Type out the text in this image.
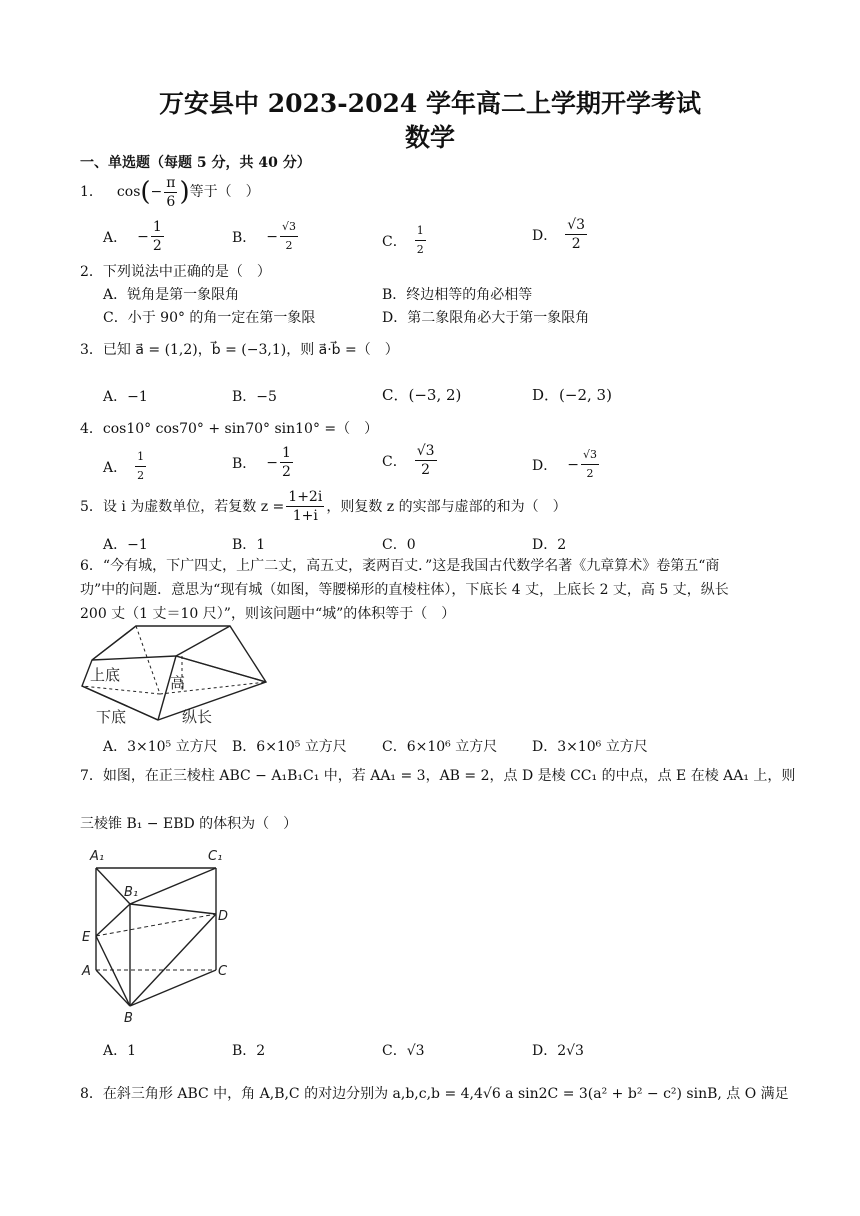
万安县中 2023-2024 学年高二上学期开学考试
数学
一、单选题（每题 5 分，共 40 分）
1． cos ( − $\frac{\pi}{6}$ ) 等于（　）
A． − $\frac{1}{2}$	B． − $\frac{√3}{2}$	C． $\frac{1}{2}$	D． $\frac{√3}{2}$
2．下列说法中正确的是（　）
A．锐角是第一象限角	B．终边相等的角必相等
C．小于 90° 的角一定在第一象限	D．第二象限角必大于第一象限角
3．已知 a⃗ = (1,2)，b⃗ = (−3,1)，则 a⃗·b⃗ =（　）
A．−1	B．−5	C．(−3, 2)	D．(−2, 3)
4．cos10° cos70° + sin70° sin10° =（　）
A． $\frac{1}{2}$	B． − $\frac{1}{2}$	C． $\frac{√3}{2}$	D． − $\frac{√3}{2}$
5．设 i 为虚数单位，若复数 $z = \frac{1+2i}{1+i}$ ，则复数 z 的实部与虚部的和为（　）
A．−1	B．1	C．0	D．2
6．“今有城，下广四丈，上广二丈，高五丈，袤两百丈．”这是我国古代数学名著《九章算术》卷第五“商
功”中的问题．意思为“现有城（如图，等腰梯形的直棱柱体），下底长 4 丈，上底长 2 丈，高 5 丈，纵长
200 丈（1 丈＝10 尺）”，则该问题中“城”的体积等于（　）
上底	高
下底	纵长
A．3×10⁵ 立方尺 B．6×10⁵ 立方尺	C．6×10⁶ 立方尺 D．3×10⁶ 立方尺
7．如图，在正三棱柱 ABC − A₁B₁C₁ 中，若 AA₁ = 3，AB = 2，点 D 是棱 CC₁ 的中点，点 E 在棱 AA₁ 上，则
三棱锥 B₁ − EBD 的体积为（　）
A₁	C₁
B₁
D
E
A	C
B
A．1	B．2	C．√3	D．2√3
8．在斜三角形 ABC 中，角 A,B,C 的对边分别为 a,b,c,b = 4,4√6 a sin2C = 3(a² + b² − c²) sinB, 点 O 满足
